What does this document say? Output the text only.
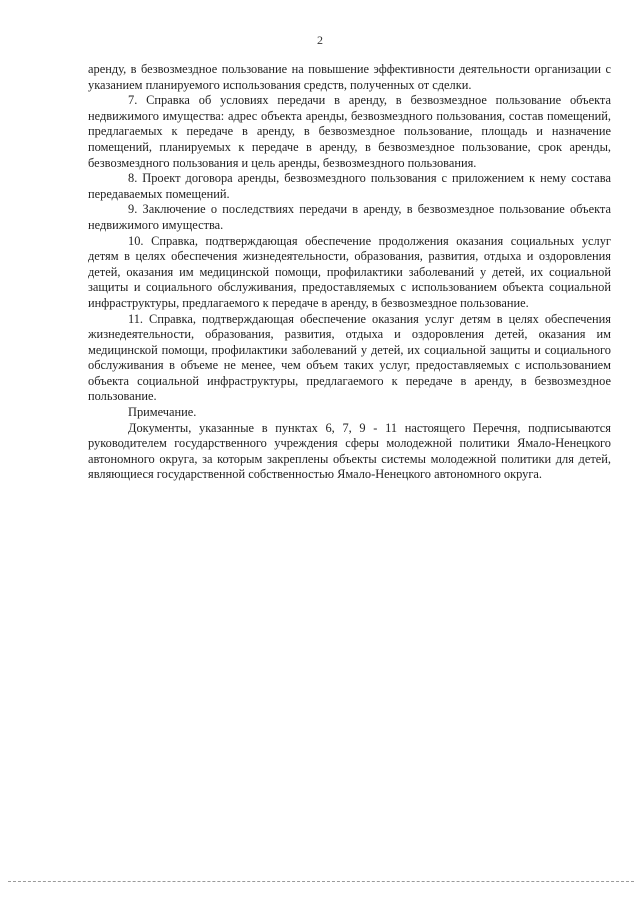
2

аренду, в безвозмездное пользование на повышение эффективности деятельности организации с указанием планируемого использования средств, полученных от сделки.

7. Справка об условиях передачи в аренду, в безвозмездное пользование объекта недвижимого имущества: адрес объекта аренды, безвозмездного пользования, состав помещений, предлагаемых к передаче в аренду, в безвозмездное пользование, площадь и назначение помещений, планируемых к передаче в аренду, в безвозмездное пользование, срок аренды, безвозмездного пользования и цель аренды, безвозмездного пользования.

8. Проект договора аренды, безвозмездного пользования с приложением к нему состава передаваемых помещений.

9. Заключение о последствиях передачи в аренду, в безвозмездное пользование объекта недвижимого имущества.

10. Справка, подтверждающая обеспечение продолжения оказания социальных услуг детям в целях обеспечения жизнедеятельности, образования, развития, отдыха и оздоровления детей, оказания им медицинской помощи, профилактики заболеваний у детей, их социальной защиты и социального обслуживания, предоставляемых с использованием объекта социальной инфраструктуры, предлагаемого к передаче в аренду, в безвозмездное пользование.

11. Справка, подтверждающая обеспечение оказания услуг детям в целях обеспечения жизнедеятельности, образования, развития, отдыха и оздоровления детей, оказания им медицинской помощи, профилактики заболеваний у детей, их социальной защиты и социального обслуживания в объеме не менее, чем объем таких услуг, предоставляемых с использованием объекта социальной инфраструктуры, предлагаемого к передаче в аренду, в безвозмездное пользование.

Примечание.

Документы, указанные в пунктах 6, 7, 9 - 11 настоящего Перечня, подписываются руководителем государственного учреждения сферы молодежной политики Ямало-Ненецкого автономного округа, за которым закреплены объекты системы молодежной политики для детей, являющиеся государственной собственностью Ямало-Ненецкого автономного округа.
